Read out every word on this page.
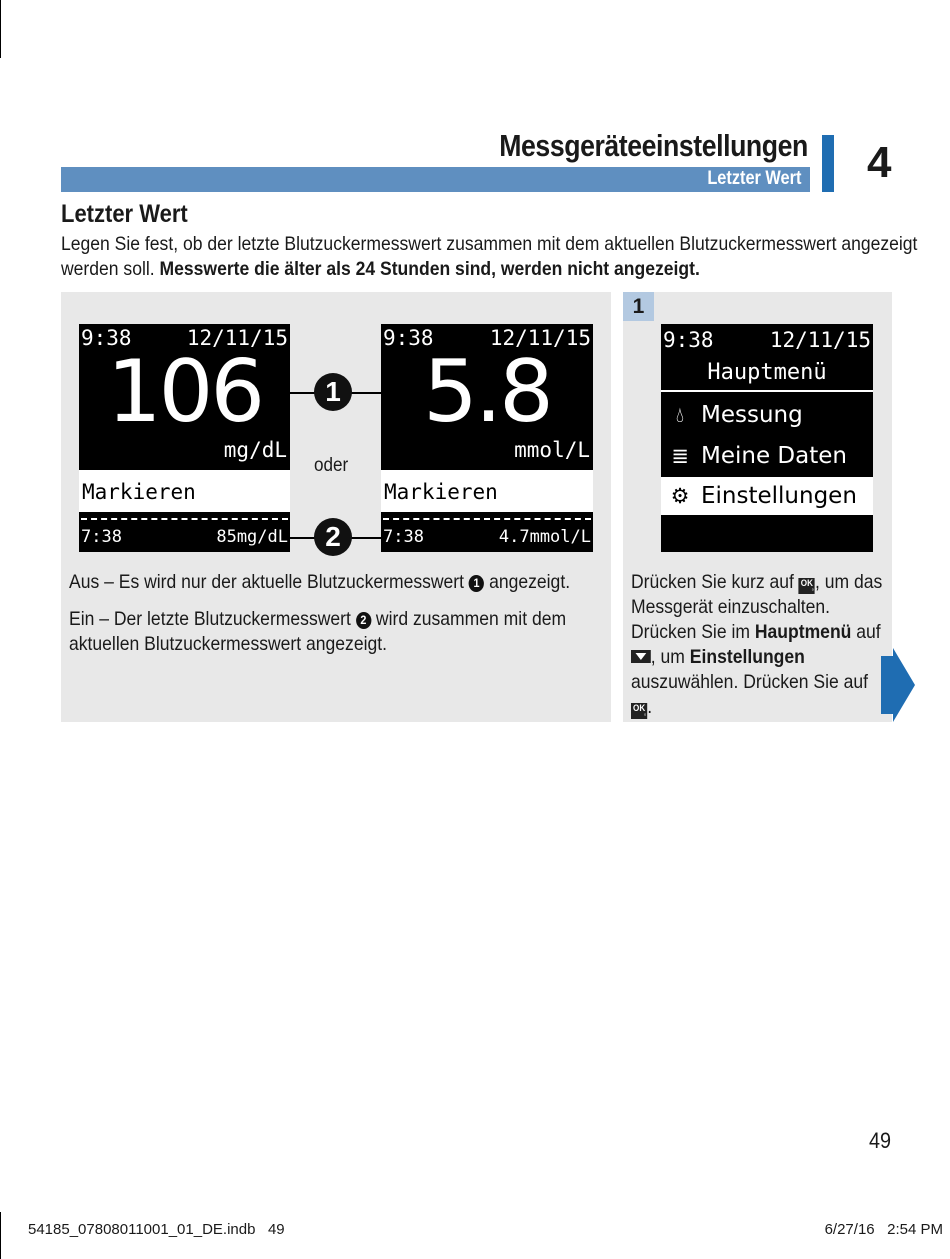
Messgeräteeinstellungen
Letzter Wert 4
Letzter Wert
Legen Sie fest, ob der letzte Blutzuckermesswert zusammen mit dem aktuellen Blutzuckermesswert angezeigt werden soll. Messwerte die älter als 24 Stunden sind, werden nicht angezeigt.
1
9:38	12/11/15
106
mg/dL
Markieren
7:38	85mg/dL
9:38	12/11/15
5.8
mmol/L
Markieren
7:38	4.7mmol/L
1
2
oder
Aus – Es wird nur der aktuelle Blutzuckermesswert 1 angezeigt.
Ein – Der letzte Blutzuckermesswert 2 wird zusammen mit dem aktuellen Blutzuckermesswert angezeigt.
9:38	12/11/15
Hauptmenü
💧︎ Messung
≣ Meine Daten
⚙ Einstellungen
Drücken Sie kurz auf OK ◦ , um das Messgerät einzuschalten. Drücken Sie im Hauptmenü auf
, um Einstellungen auszuwählen. Drücken Sie auf
OK ◦ .
49
54185_07808011001_01_DE.indb   49	6/27/16   2:54 PM
